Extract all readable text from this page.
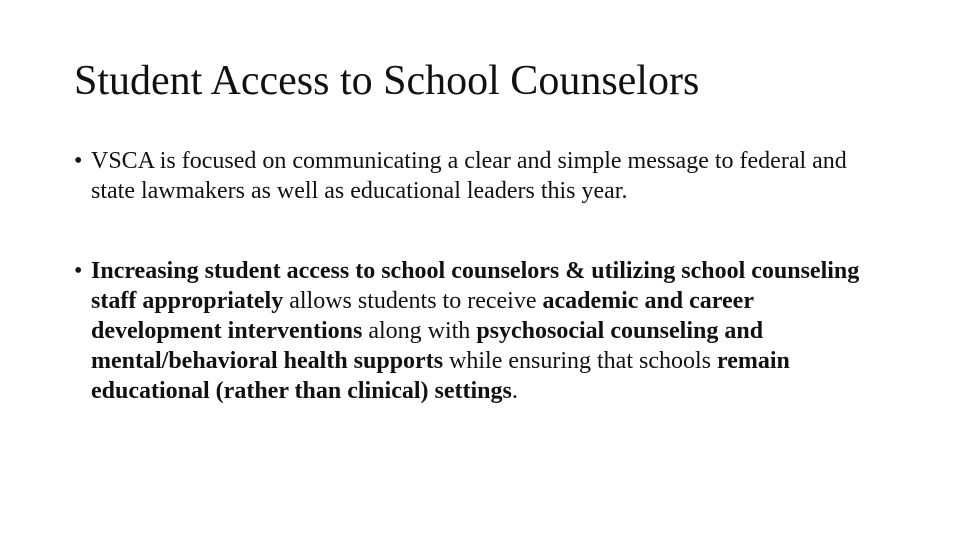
Student Access to School Counselors
• VSCA is focused on communicating a clear and simple message to federal and state lawmakers as well as educational leaders this year.
• Increasing student access to school counselors & utilizing school counseling staff appropriately allows students to receive academic and career development interventions along with psychosocial counseling and mental/behavioral health supports while ensuring that schools remain educational (rather than clinical) settings.
